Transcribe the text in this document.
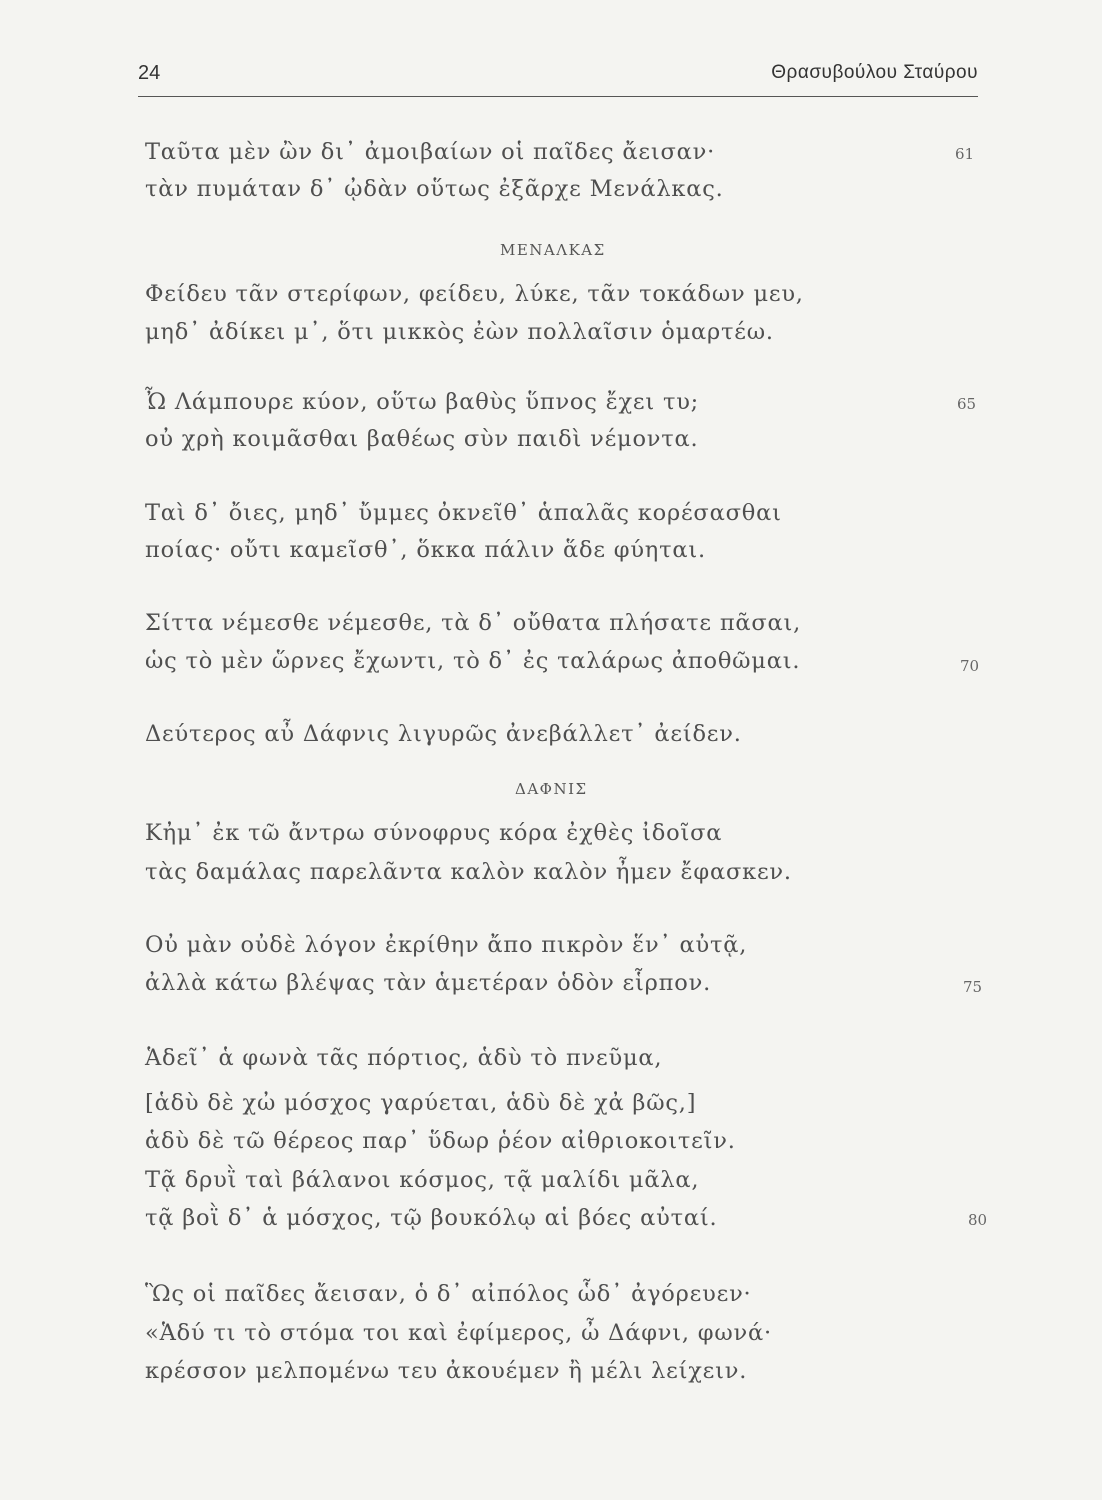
24	Θρασυβούλου Σταύρου
Ταῦτα μὲν ὢν δι᾽ ἀμοιβαίων οἱ παῖδες ἄεισαν·	61
τὰν πυμάταν δ᾽ ᾠδὰν οὕτως ἐξᾶρχε Μενάλκας.
ΜΕΝΑΛΚΑΣ
Φείδευ τᾶν στερίφων, φείδευ, λύκε, τᾶν τοκάδων μευ,
μηδ᾽ ἀδίκει μ᾽, ὅτι μικκὸς ἐὼν πολλαῖσιν ὁμαρτέω.
Ὦ Λάμπουρε κύον, οὕτω βαθὺς ὕπνος ἔχει τυ;	65
οὐ χρὴ κοιμᾶσθαι βαθέως σὺν παιδὶ νέμοντα.
Ταὶ δ᾽ ὄιες, μηδ᾽ ὔμμες ὀκνεῖθ᾽ ἁπαλᾶς κορέσασθαι
ποίας· οὔτι καμεῖσθ᾽, ὅκκα πάλιν ἅδε φύηται.
Σίττα νέμεσθε νέμεσθε, τὰ δ᾽ οὔθατα πλήσατε πᾶσαι,
ὡς τὸ μὲν ὥρνες ἔχωντι, τὸ δ᾽ ἐς ταλάρως ἀποθῶμαι.	70
Δεύτερος αὖ Δάφνις λιγυρῶς ἀνεβάλλετ᾽ ἀείδεν.
ΔΑΦΝΙΣ
Κἠμ᾽ ἐκ τῶ ἄντρω σύνοφρυς κόρα ἐχθὲς ἰδοῖσα
τὰς δαμάλας παρελᾶντα καλὸν καλὸν ἦμεν ἔφασκεν.
Οὐ μὰν οὐδὲ λόγον ἐκρίθην ἄπο πικρὸν ἕν᾽ αὐτᾷ,
ἀλλὰ κάτω βλέψας τὰν ἁμετέραν ὁδὸν εἷρπον.	75
Ἁδεῖ᾽ ἁ φωνὰ τᾶς πόρτιος, ἁδὺ τὸ πνεῦμα,
[ἁδὺ δὲ χὠ μόσχος γαρύεται, ἁδὺ δὲ χἀ βῶς,]
ἁδὺ δὲ τῶ θέρεος παρ᾽ ὕδωρ ῥέον αἰθριοκοιτεῖν.
Τᾷ δρυῒ ταὶ βάλανοι κόσμος, τᾷ μαλίδι μᾶλα,
τᾷ βοῒ δ᾽ ἁ μόσχος, τῷ βουκόλῳ αἱ βόες αὐταί.	80
Ὣς οἱ παῖδες ἄεισαν, ὁ δ᾽ αἰπόλος ὧδ᾽ ἀγόρευεν·
«Ἁδύ τι τὸ στόμα τοι καὶ ἐφίμερος, ὦ Δάφνι, φωνά·
κρέσσον μελπομένω τευ ἀκουέμεν ἢ μέλι λείχειν.
